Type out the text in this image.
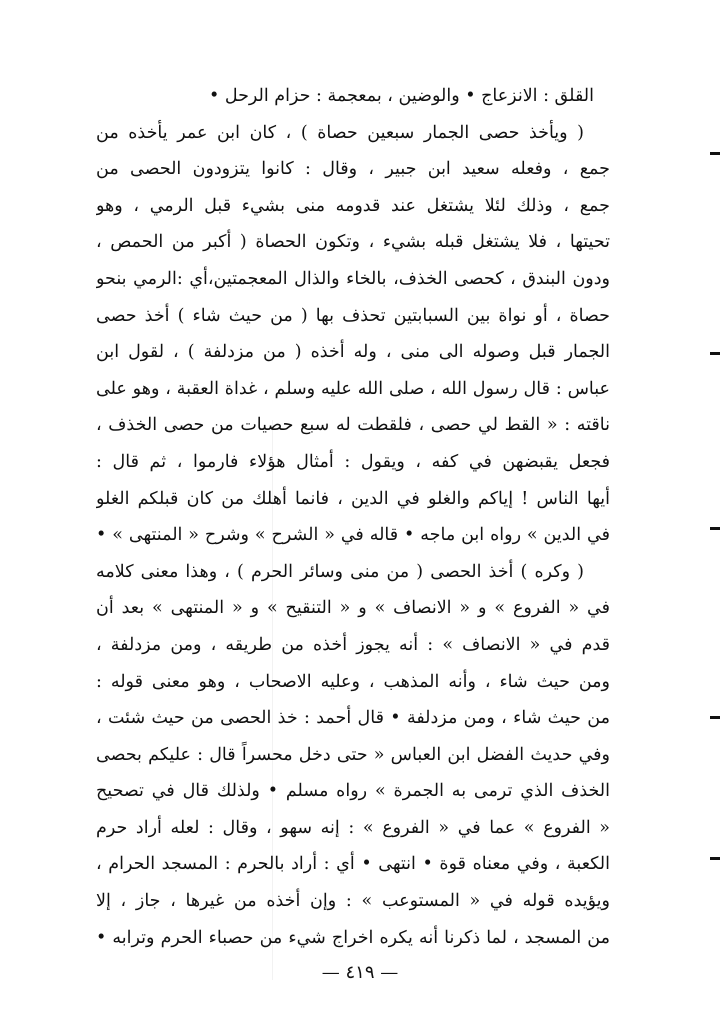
القلق : الانزعاج • والوضين ، بمعجمة : حزام الرحل •
( ويأخذ حصى الجمار سبعين حصاة ) ، كان ابن عمر يأخذه من
جمع ، وفعله سعيد ابن جبير ، وقال : كانوا يتزودون الحصى من
جمع ، وذلك لئلا يشتغل عند قدومه منى بشيء قبل الرمي ، وهو
تحيتها ، فلا يشتغل قبله بشيء ، وتكون الحصاة ( أكبر من الحمص ،
ودون البندق ، كحصى الخذف، بالخاء والذال المعجمتين،أي :الرمي بنحو
حصاة ، أو نواة بين السبابتين تحذف بها ( من حيث شاء ) أخذ حصى
الجمار قبل وصوله الى منى ، وله أخذه ( من مزدلفة ) ، لقول ابن
عباس : قال رسول الله ، صلى الله عليه وسلم ، غداة العقبة ، وهو على
ناقته : « القط لي حصى ، فلقطت له سبع حصيات من حصى الخذف ،
فجعل يقبضهن في كفه ، ويقول : أمثال هؤلاء فارموا ، ثم قال :
أيها الناس ! إياكم والغلو في الدين ، فانما أهلك من كان قبلكم الغلو
في الدين » رواه ابن ماجه • قاله في « الشرح » وشرح « المنتهى » •
( وكره ) أخذ الحصى ( من منى وسائر الحرم ) ، وهذا معنى كلامه
في « الفروع » و « الانصاف » و « التنقيح » و « المنتهى » بعد أن
قدم في « الانصاف » : أنه يجوز أخذه من طريقه ، ومن مزدلفة ،
ومن حيث شاء ، وأنه المذهب ، وعليه الاصحاب ، وهو معنى قوله :
من حيث شاء ، ومن مزدلفة • قال أحمد : خذ الحصى من حيث شئت ،
وفي حديث الفضل ابن العباس « حتى دخل محسراً قال : عليكم بحصى
الخذف الذي ترمى به الجمرة » رواه مسلم • ولذلك قال في تصحيح
« الفروع » عما في « الفروع » : إنه سهو ، وقال : لعله أراد حرم
الكعبة ، وفي معناه قوة • انتهى • أي : أراد بالحرم : المسجد الحرام ،
ويؤيده قوله في « المستوعب » : وإن أخذه من غيرها ، جاز ، إلا
من المسجد ، لما ذكرنا أنه يكره اخراج شيء من حصباء الحرم وترابه •
— ٤١٩ —
